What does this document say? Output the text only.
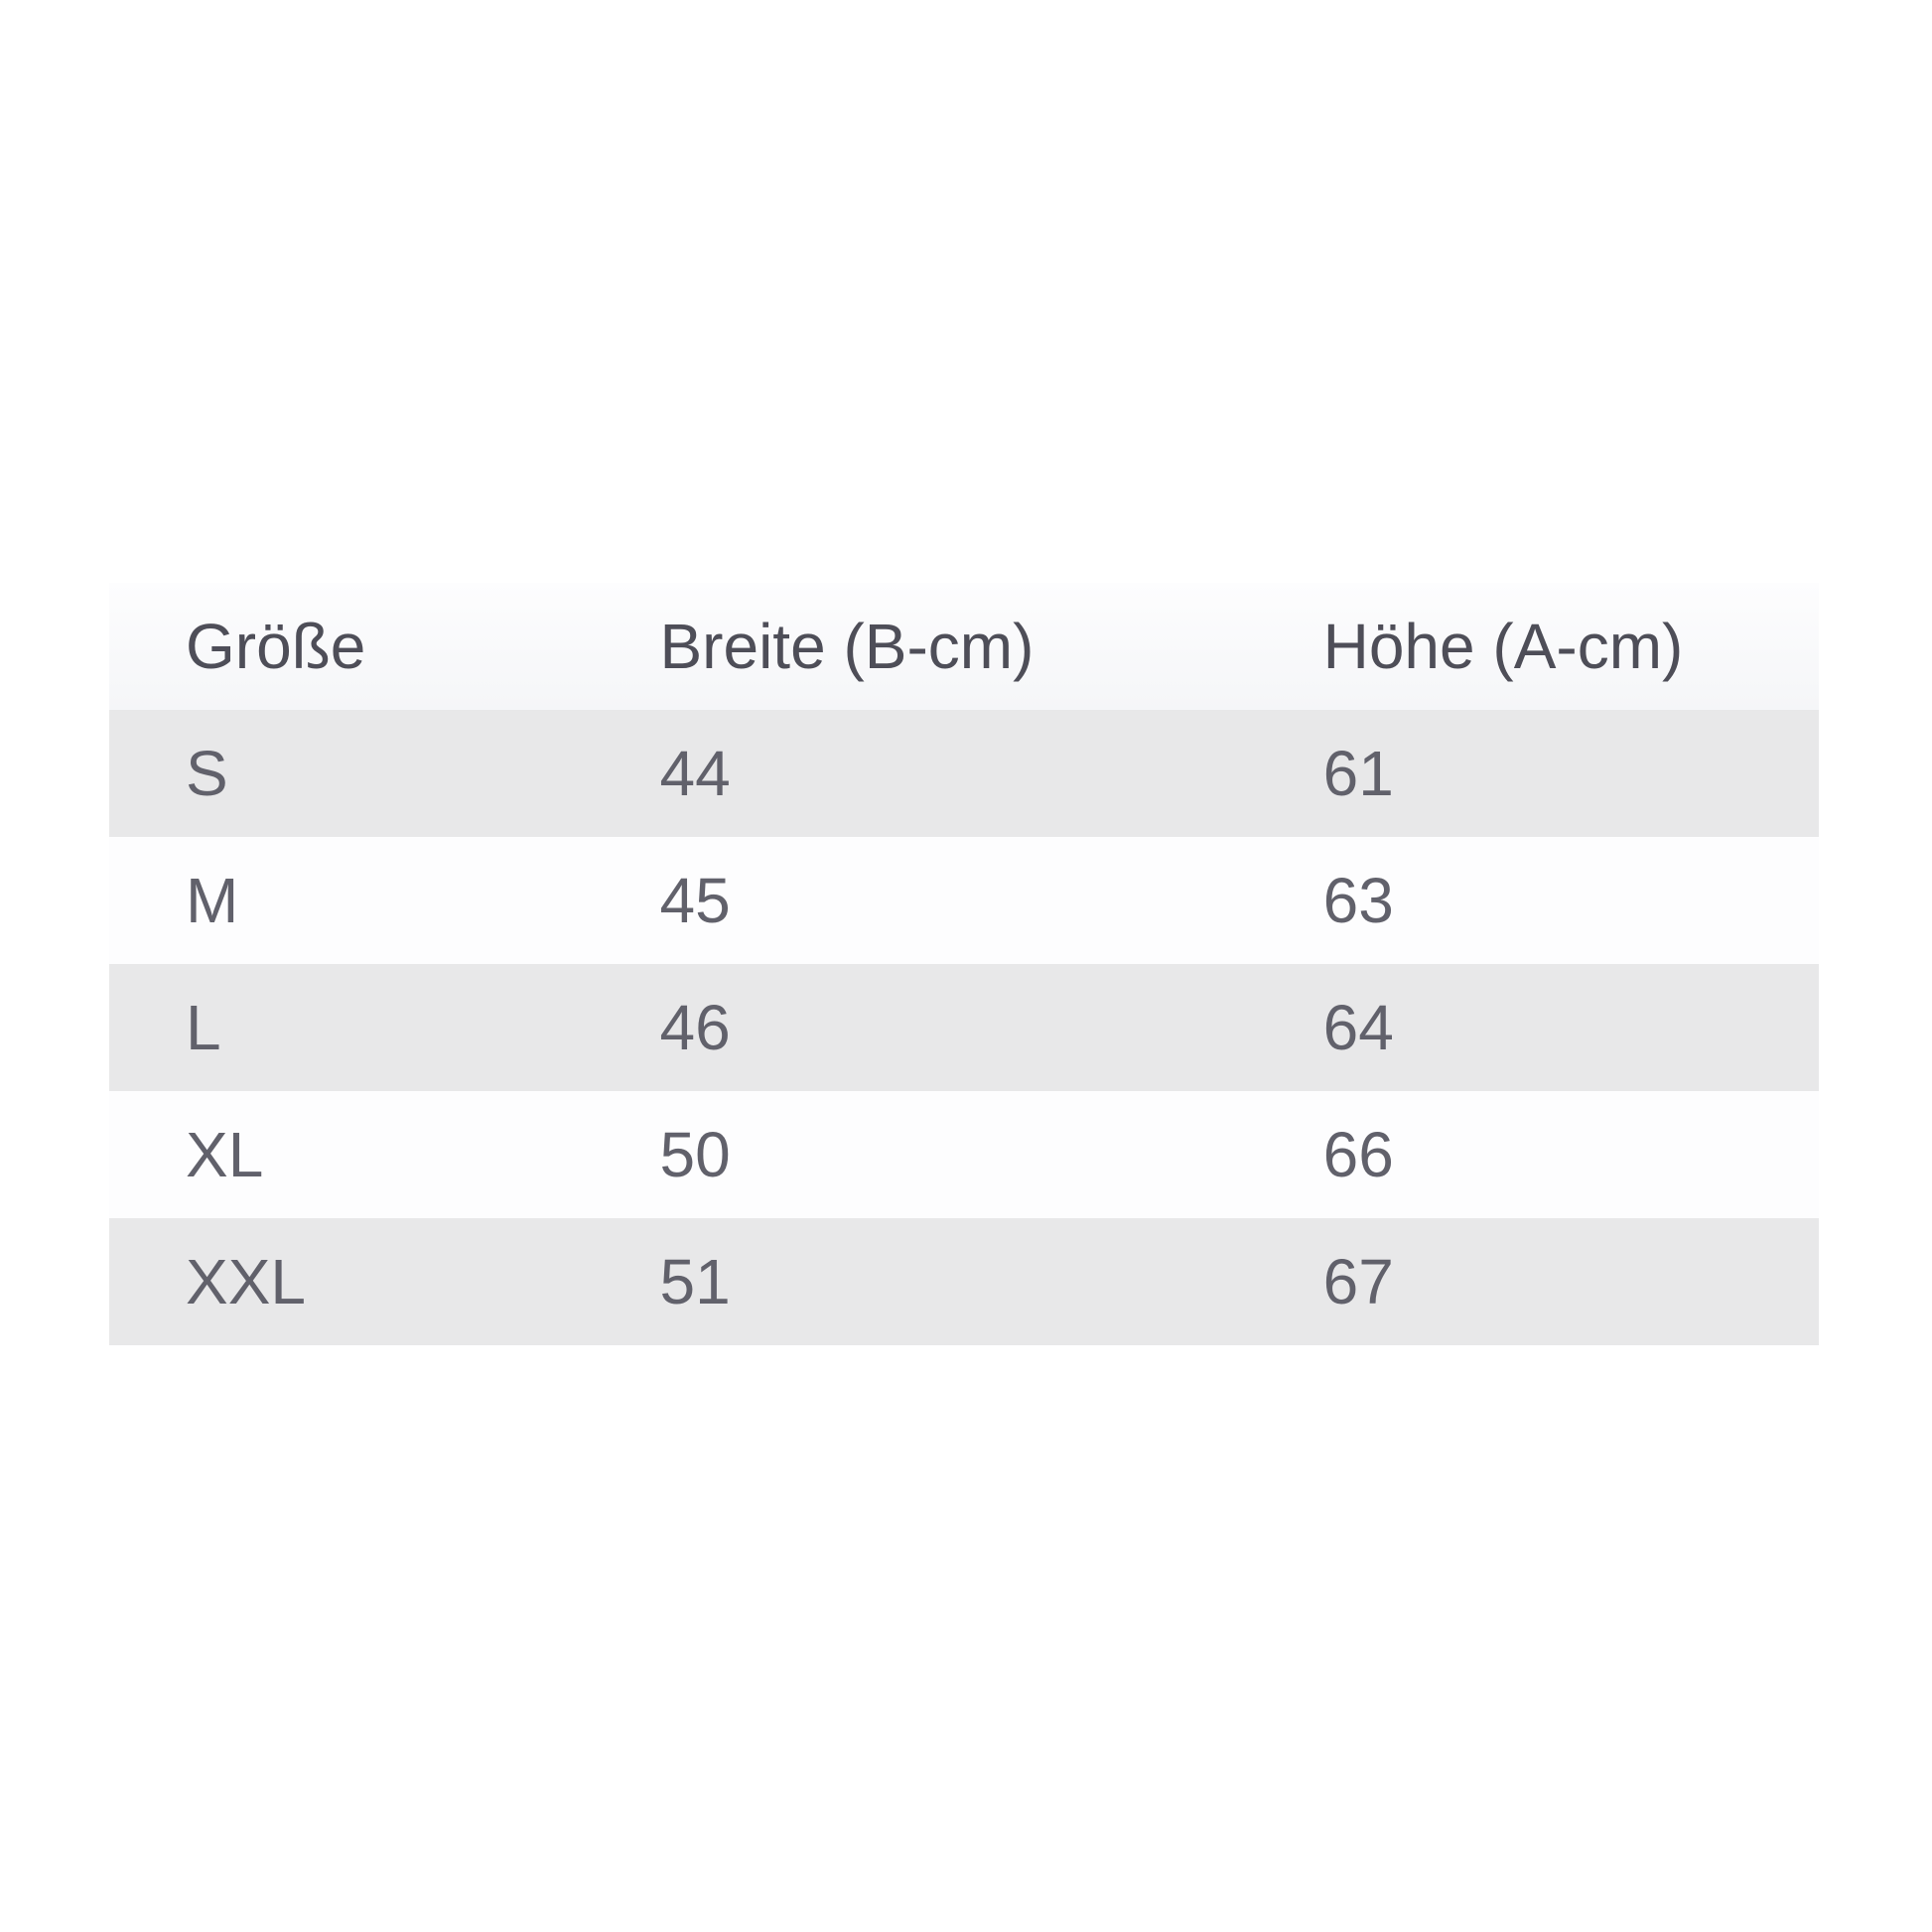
Größe	Breite (B-cm)	Höhe (A-cm)
S	44	61
M	45	63
L	46	64
XL	50	66
XXL	51	67
